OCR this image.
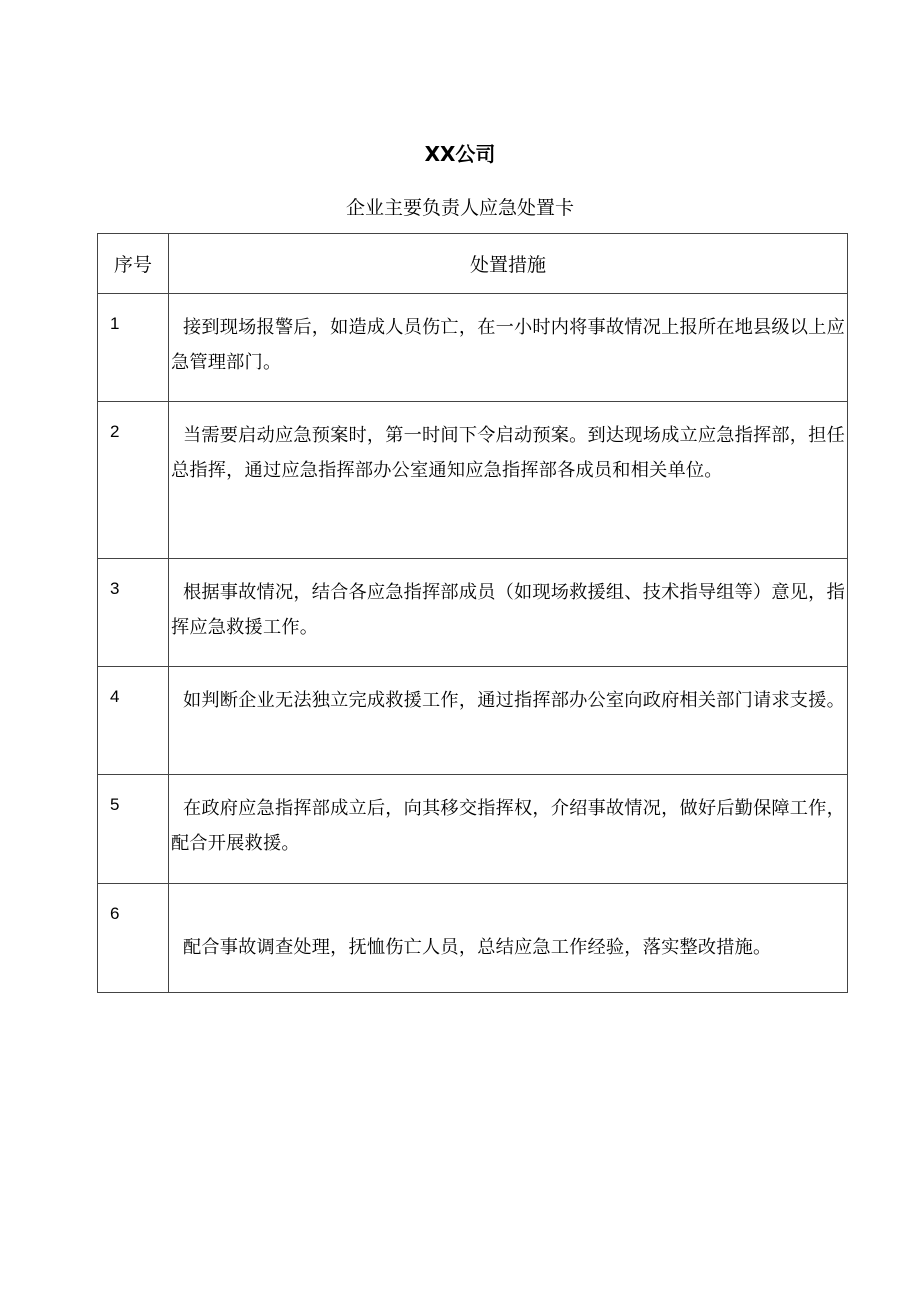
XX公司
企业主要负责人应急处置卡
序号	处置措施
1	接到现场报警后，如造成人员伤亡，在一小时内将事故情况上报所在地县级以上应急管理部门。
2	当需要启动应急预案时，第一时间下令启动预案。到达现场成立应急指挥部，担任总指挥，通过应急指挥部办公室通知应急指挥部各成员和相关单位。
3	根据事故情况，结合各应急指挥部成员（如现场救援组、技术指导组等）意见，指挥应急救援工作。
4	如判断企业无法独立完成救援工作，通过指挥部办公室向政府相关部门请求支援。
5	在政府应急指挥部成立后，向其移交指挥权，介绍事故情况，做好后勤保障工作，配合开展救援。
6	配合事故调查处理，抚恤伤亡人员，总结应急工作经验，落实整改措施。
